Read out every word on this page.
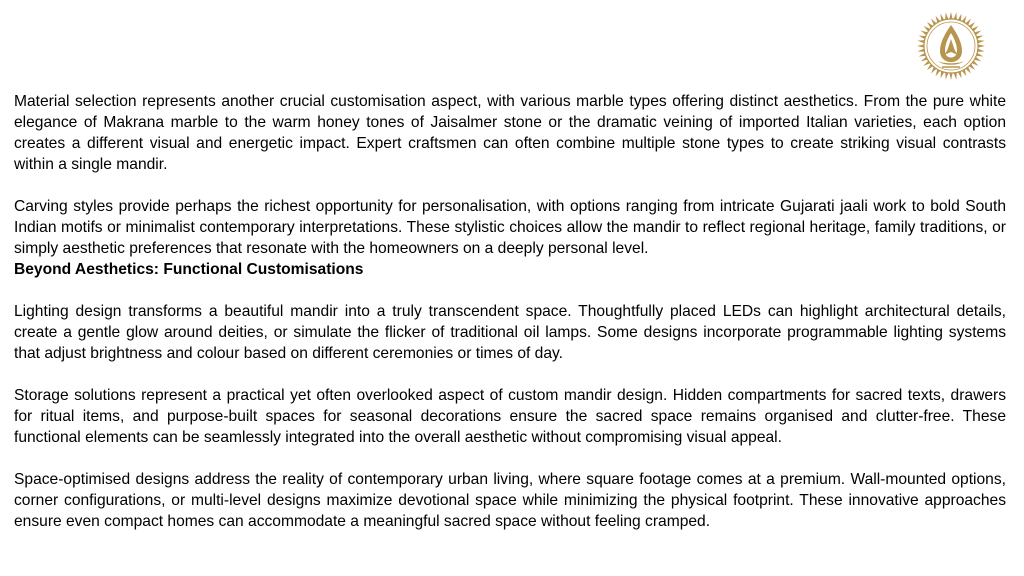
Material selection represents another crucial customisation aspect, with various marble types offering distinct aesthetics. From the pure white elegance of Makrana marble to the warm honey tones of Jaisalmer stone or the dramatic veining of imported Italian varieties, each option creates a different visual and energetic impact. Expert craftsmen can often combine multiple stone types to create striking visual contrasts within a single mandir.

Carving styles provide perhaps the richest opportunity for personalisation, with options ranging from intricate Gujarati jaali work to bold South Indian motifs or minimalist contemporary interpretations. These stylistic choices allow the mandir to reflect regional heritage, family traditions, or simply aesthetic preferences that resonate with the homeowners on a deeply personal level.

Beyond Aesthetics: Functional Customisations

Lighting design transforms a beautiful mandir into a truly transcendent space. Thoughtfully placed LEDs can highlight architectural details, create a gentle glow around deities, or simulate the flicker of traditional oil lamps. Some designs incorporate programmable lighting systems that adjust brightness and colour based on different ceremonies or times of day.

Storage solutions represent a practical yet often overlooked aspect of custom mandir design. Hidden compartments for sacred texts, drawers for ritual items, and purpose-built spaces for seasonal decorations ensure the sacred space remains organised and clutter-free. These functional elements can be seamlessly integrated into the overall aesthetic without compromising visual appeal.

Space-optimised designs address the reality of contemporary urban living, where square footage comes at a premium. Wall-mounted options, corner configurations, or multi-level designs maximize devotional space while minimizing the physical footprint. These innovative approaches ensure even compact homes can accommodate a meaningful sacred space without feeling cramped.
